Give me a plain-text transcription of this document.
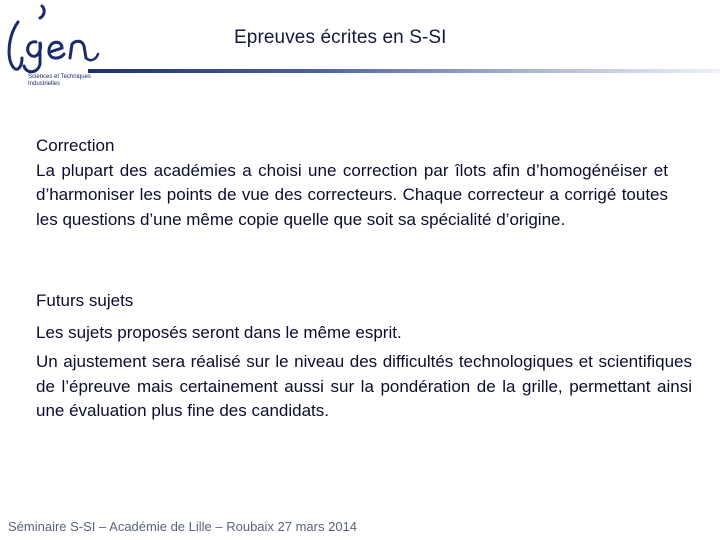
Sciences et Techniques Industrielles
Epreuves écrites en S-SI
Correction
La plupart des académies a choisi une correction par îlots afin d’homogénéiser et d’harmoniser les points de vue des correcteurs. Chaque correcteur a corrigé toutes les questions d’une même copie quelle que soit sa spécialité d’origine.
Futurs sujets
Les sujets proposés seront dans le même esprit.
Un ajustement sera réalisé sur le niveau des difficultés technologiques et scientifiques de l’épreuve mais certainement aussi sur la pondération de la grille, permettant ainsi une évaluation plus fine des candidats.
Séminaire S-SI – Académie de Lille – Roubaix 27 mars 2014
